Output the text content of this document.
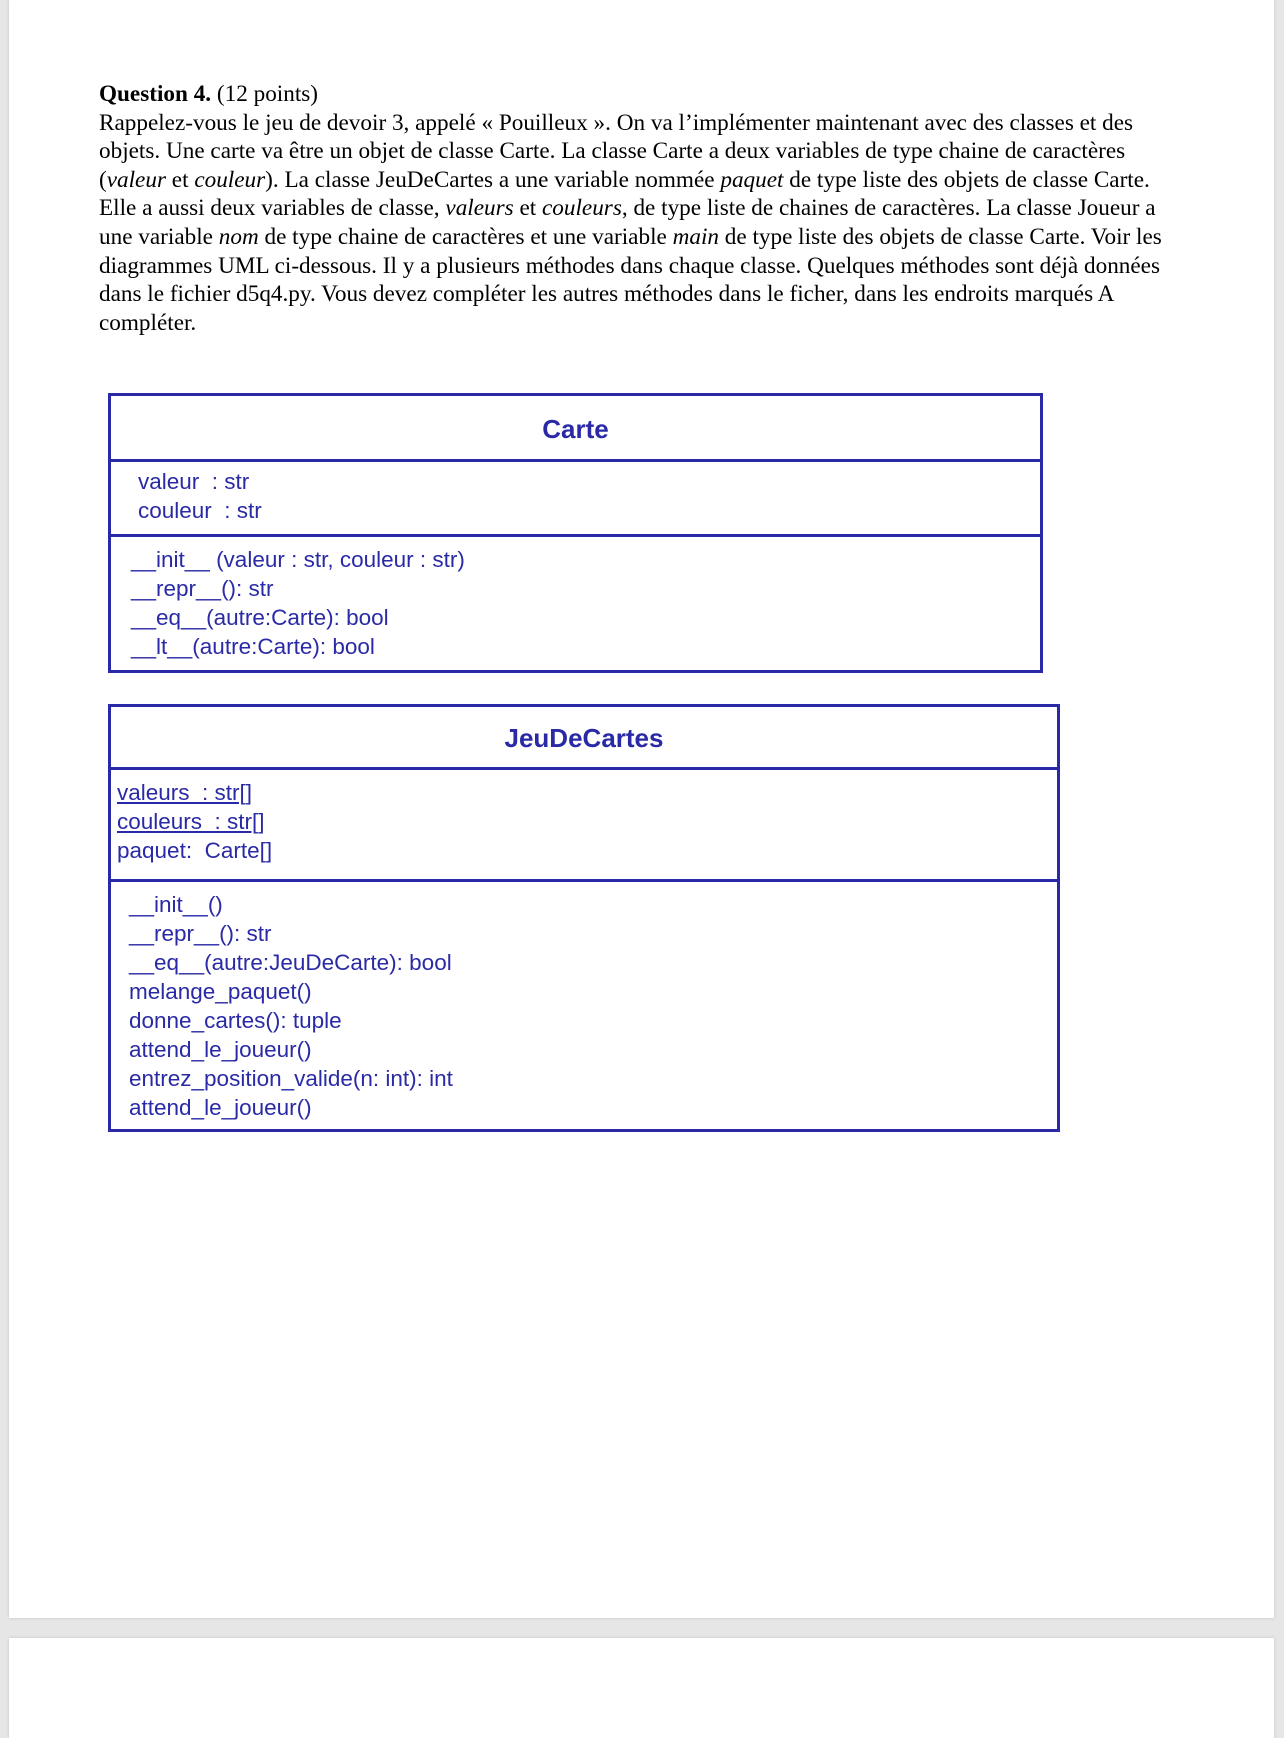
Question 4. (12 points)
Rappelez-vous le jeu de devoir 3, appelé « Pouilleux ». On va l’implémenter maintenant avec des classes et des objets. Une carte va être un objet de classe Carte. La classe Carte a deux variables de type chaine de caractères (valeur et couleur). La classe JeuDeCartes a une variable nommée paquet de type liste des objets de classe Carte. Elle a aussi deux variables de classe, valeurs et couleurs, de type liste de chaines de caractères. La classe Joueur a une variable nom de type chaine de caractères et une variable main de type liste des objets de classe Carte. Voir les diagrammes UML ci-dessous. Il y a plusieurs méthodes dans chaque classe. Quelques méthodes sont déjà données dans le fichier d5q4.py. Vous devez compléter les autres méthodes dans le ficher, dans les endroits marqués A compléter.
Carte
valeur  : str
couleur  : str
__init__ (valeur : str, couleur : str)
__repr__(): str
__eq__(autre:Carte): bool
__lt__(autre:Carte): bool
JeuDeCartes
valeurs  : str[]
couleurs  : str[]
paquet:  Carte[]
__init__()
__repr__(): str
__eq__(autre:JeuDeCarte): bool
melange_paquet()
donne_cartes(): tuple
attend_le_joueur()
entrez_position_valide(n: int): int
attend_le_joueur()
